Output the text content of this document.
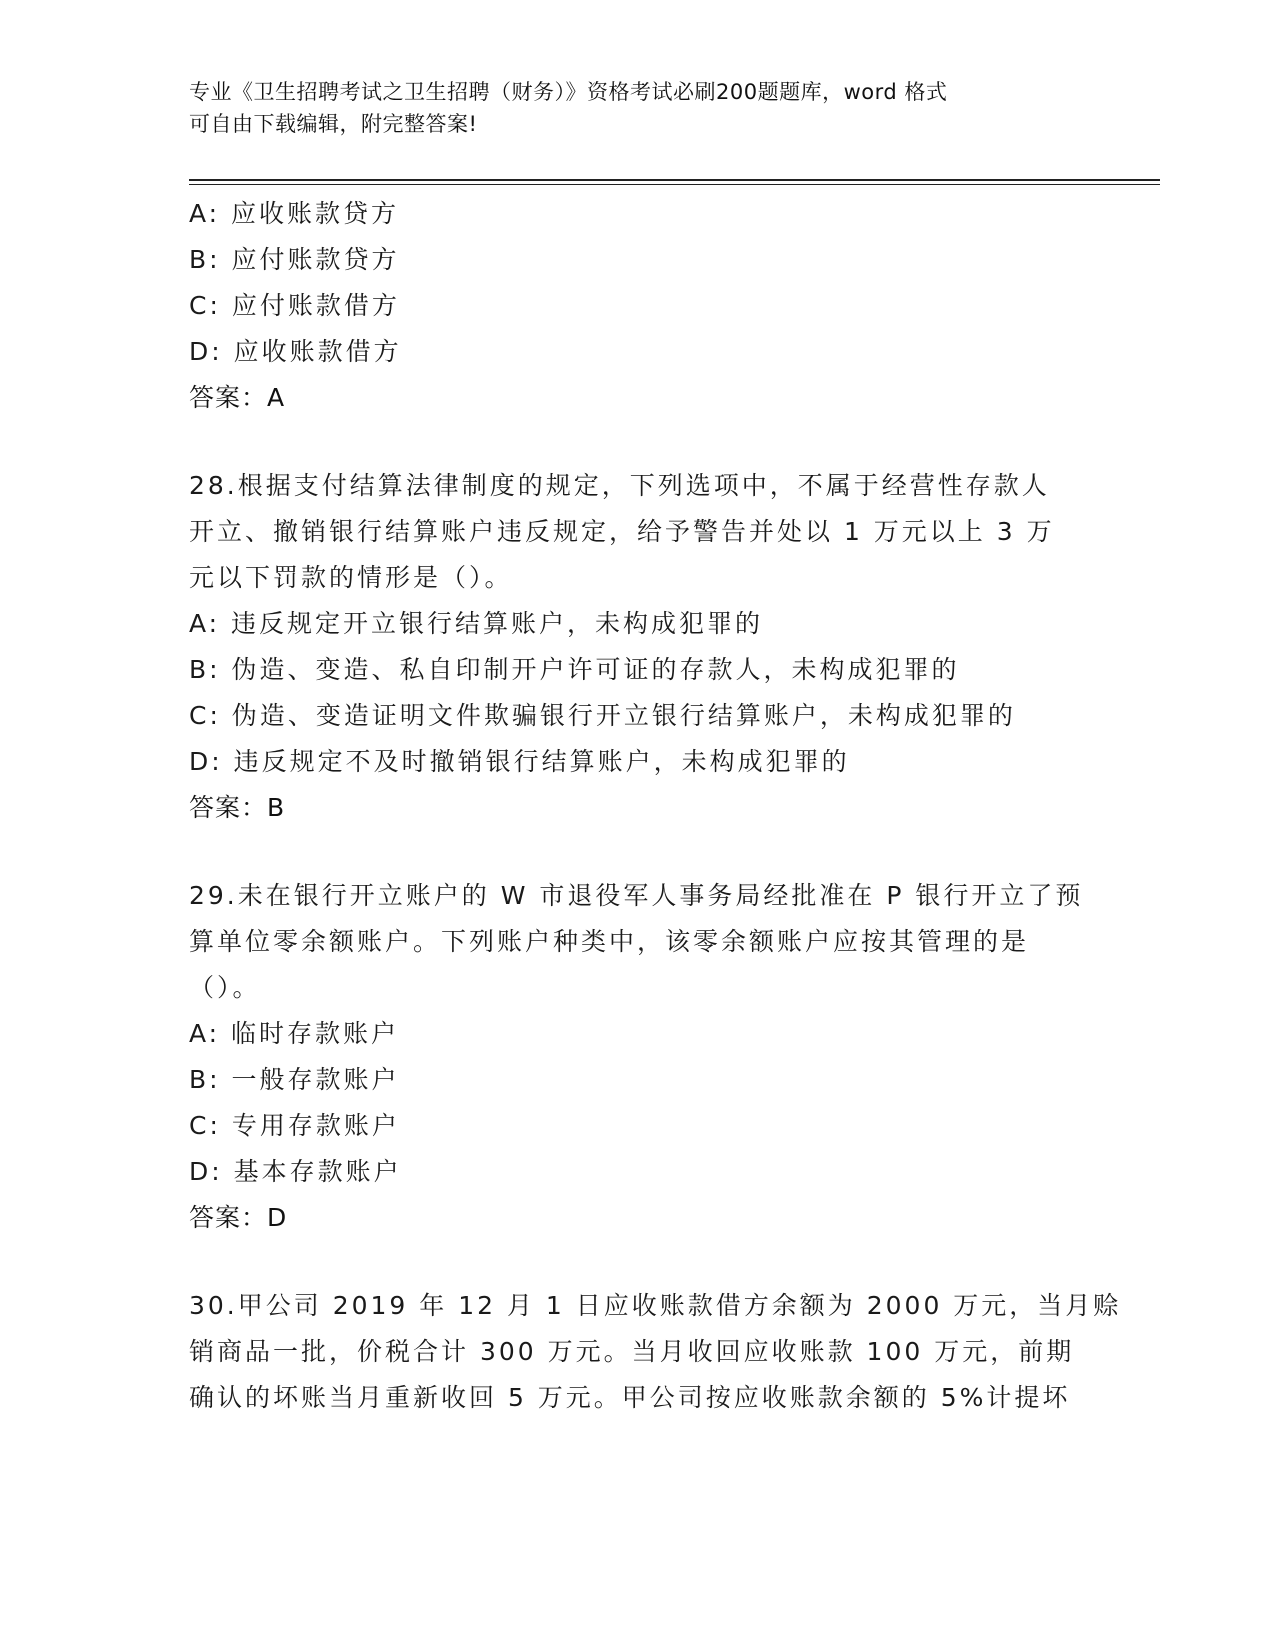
专业《卫生招聘考试之卫生招聘（财务）》资格考试必刷200题题库，word 格式
可自由下载编辑，附完整答案!
A: 应收账款贷方
B: 应付账款贷方
C: 应付账款借方
D: 应收账款借方
答案：A
28.根据支付结算法律制度的规定，下列选项中，不属于经营性存款人
开立、撤销银行结算账户违反规定，给予警告并处以 1 万元以上 3 万
元以下罚款的情形是（）。
A: 违反规定开立银行结算账户，未构成犯罪的
B: 伪造、变造、私自印制开户许可证的存款人，未构成犯罪的
C: 伪造、变造证明文件欺骗银行开立银行结算账户，未构成犯罪的
D: 违反规定不及时撤销银行结算账户，未构成犯罪的
答案：B
29.未在银行开立账户的 W 市退役军人事务局经批准在 P 银行开立了预
算单位零余额账户。下列账户种类中，该零余额账户应按其管理的是
（）。
A: 临时存款账户
B: 一般存款账户
C: 专用存款账户
D: 基本存款账户
答案：D
30.甲公司 2019 年 12 月 1 日应收账款借方余额为 2000 万元，当月赊
销商品一批，价税合计 300 万元。当月收回应收账款 100 万元，前期
确认的坏账当月重新收回 5 万元。甲公司按应收账款余额的 5%计提坏
